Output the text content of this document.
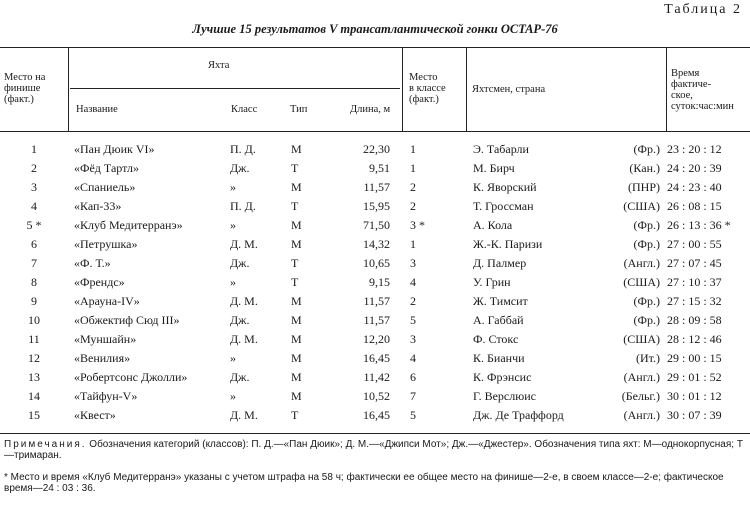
Таблица 2
Лучшие 15 результатов V трансатлантической гонки ОСТАР-76
Место на
финише
(факт.)
Яхта
Название	Класс	Тип	Длина, м
Место
в классе
(факт.)
Яхтсмен, страна
Время
фактиче-
ское,
суток:час:мин
1	«Пан Дюик VI»	П. Д.	М	22,30 1	Э. Табарли	(Фр.) 23 : 20 : 12
2	«Фёд Тартл»	Дж.	Т	9,51 1	М. Бирч	(Кан.) 24 : 20 : 39
3	«Спаниель»	»	М	11,57 2	К. Яворский	(ПНР) 24 : 23 : 40
4	«Кап-33»	П. Д.	Т	15,95 2	Т. Гроссман	(США) 26 : 08 : 15
5 *	«Клуб Медитерранэ»	»	М	71,50 3 *	А. Кола	(Фр.) 26 : 13 : 36 *
6	«Петрушка»	Д. М.	М	14,32 1	Ж.-К. Паризи	(Фр.) 27 : 00 : 55
7	«Ф. Т.»	Дж.	Т	10,65 3	Д. Палмер	(Англ.) 27 : 07 : 45
8	«Френдс»	»	Т	9,15 4	У. Грин	(США) 27 : 10 : 37
9	«Арауна-IV»	Д. М.	М	11,57 2	Ж. Тимсит	(Фр.) 27 : 15 : 32
10	«Обжектиф Сюд III»	Дж.	М	11,57 5	А. Габбай	(Фр.) 28 : 09 : 58
11	«Муншайн»	Д. М.	М	12,20 3	Ф. Стокс	(США) 28 : 12 : 46
12	«Венилия»	»	М	16,45 4	К. Бианчи	(Ит.) 29 : 00 : 15
13	«Робертсонс Джолли»	Дж.	М	11,42 6	К. Фрэнсис	(Англ.) 29 : 01 : 52
14	«Тайфун-V»	»	М	10,52 7	Г. Верслюис	(Бельг.) 30 : 01 : 12
15	«Квест»	Д. М.	Т	16,45 5	Дж. Де Траффорд	(Англ.) 30 : 07 : 39
Примечания. Обозначения категорий (классов): П. Д.—«Пан Дюик»; Д. М.—«Джипси Мот»; Дж.—«Джестер». Обозначения типа яхт: М—однокорпусная; Т—тримаран.
* Место и время «Клуб Медитерранэ» указаны с учетом штрафа на 58 ч; фактически ее общее место на финише—2-е, в своем классе—2-е; фактическое время—24 : 03 : 36.
